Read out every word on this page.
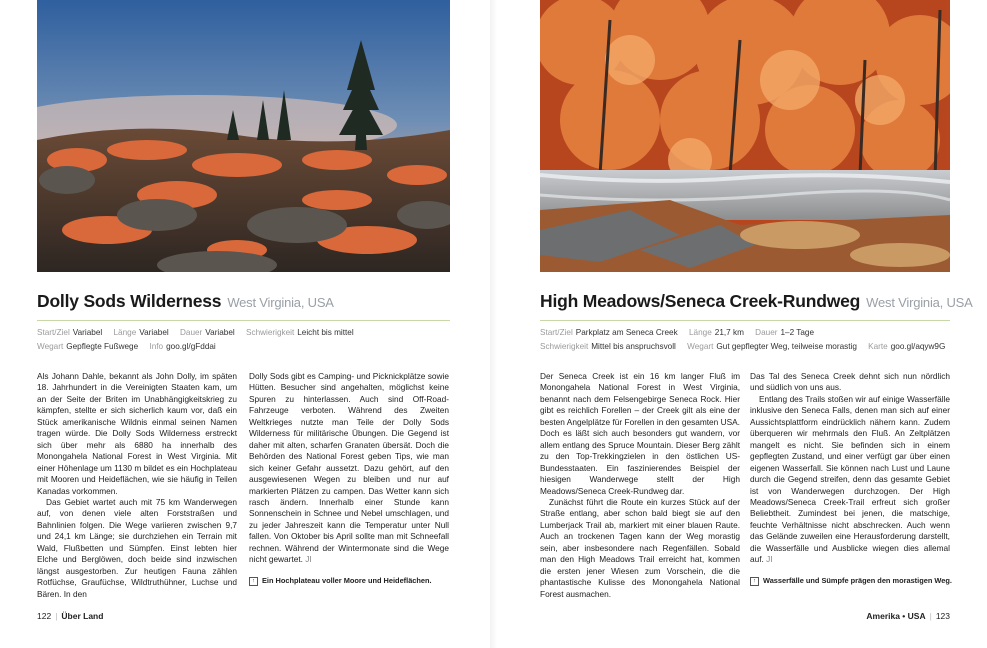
Dolly Sods Wilderness West Virginia, USA
Start/Ziel Variabel Länge Variabel Dauer Variabel Schwierigkeit Leicht bis mittel
Wegart Gepflegte Fußwege Info goo.gl/gFddai

Als Johann Dahle, bekannt als John Dolly, im späten 18. Jahrhundert in die Vereinigten Staaten kam, um an der Seite der Briten im Unabhängigkeitskrieg zu kämpfen, stellte er sich sicherlich kaum vor, daß ein Stück amerikanische Wildnis einmal seinen Namen tragen würde. Die Dolly Sods Wilderness erstreckt sich über mehr als 6880 ha innerhalb des Monongahela National Forest in West Virginia. Mit einer Höhenlage um 1130 m bildet es ein Hochplateau mit Mooren und Heideflächen, wie sie häufig in Teilen Kanadas vorkommen.

Das Gebiet wartet auch mit 75 km Wanderwegen auf, von denen viele alten Forststraßen und Bahnlinien folgen. Die Wege variieren zwischen 9,7 und 24,1 km Länge; sie durchziehen ein Terrain mit Wald, Flußbetten und Sümpfen. Einst lebten hier Elche und Berglöwen, doch beide sind inzwischen längst ausgestorben. Zur heutigen Fauna zählen Rotfüchse, Graufüchse, Wildtruthühner, Luchse und Bären. In den

Dolly Sods gibt es Camping- und Picknickplätze sowie Hütten. Besucher sind angehalten, möglichst keine Spuren zu hinterlassen. Auch sind Off-Road-Fahrzeuge verboten. Während des Zweiten Weltkrieges nutzte man Teile der Dolly Sods Wilderness für militärische Übungen. Die Gegend ist daher mit alten, scharfen Granaten übersät. Doch die Behörden des National Forest geben Tips, wie man sich keiner Gefahr aussetzt. Dazu gehört, auf den ausgewiesenen Wegen zu bleiben und nur auf markierten Plätzen zu campen. Das Wetter kann sich rasch ändern. Innerhalb einer Stunde kann Sonnenschein in Schnee und Nebel umschlagen, und zu jeder Jahreszeit kann die Temperatur unter Null fallen. Von Oktober bis April sollte man mit Schneefall rechnen. Während der Wintermonate sind die Wege nicht gewartet. JI

↑ Ein Hochplateau voller Moore und Heideflächen.
122 | Über Land
High Meadows/Seneca Creek-Rundweg West Virginia, USA
Start/Ziel Parkplatz am Seneca Creek Länge 21,7 km Dauer 1–2 Tage
Schwierigkeit Mittel bis anspruchsvoll Wegart Gut gepflegter Weg, teilweise morastig Karte goo.gl/aqyw9G

Der Seneca Creek ist ein 16 km langer Fluß im Monongahela National Forest in West Virginia, benannt nach dem Felsengebirge Seneca Rock. Hier gibt es reichlich Forellen – der Creek gilt als eine der besten Angelplätze für Forellen in den gesamten USA. Doch es läßt sich auch besonders gut wandern, vor allem entlang des Spruce Mountain. Dieser Berg zählt zu den Top-Trekkingzielen in den östlichen US-Bundesstaaten. Ein faszinierendes Beispiel der hiesigen Wanderwege stellt der High Meadows/Seneca Creek-Rundweg dar.

Zunächst führt die Route ein kurzes Stück auf der Straße entlang, aber schon bald biegt sie auf den Lumberjack Trail ab, markiert mit einer blauen Raute. Auch an trockenen Tagen kann der Weg morastig sein, aber insbesondere nach Regenfällen. Sobald man den High Meadows Trail erreicht hat, kommen die ersten jener Wiesen zum Vorschein, die die phantastische Kulisse des Monongahela National Forest ausmachen.

Das Tal des Seneca Creek dehnt sich nun nördlich und südlich von uns aus.

Entlang des Trails stoßen wir auf einige Wasserfälle inklusive den Seneca Falls, denen man sich auf einer Aussichtsplattform eindrücklich nähern kann. Zudem überqueren wir mehrmals den Fluß. An Zeltplätzen mangelt es nicht. Sie befinden sich in einem gepflegten Zustand, und einer verfügt gar über einen eigenen Wasserfall. Sie können nach Lust und Laune durch die Gegend streifen, denn das gesamte Gebiet ist von Wanderwegen durchzogen. Der High Meadows/Seneca Creek-Trail erfreut sich großer Beliebtheit. Zumindest bei jenen, die matschige, feuchte Verhältnisse nicht abschrecken. Auch wenn das Gelände zuweilen eine Herausforderung darstellt, die Wasserfälle und Ausblicke wiegen dies allemal auf. JI

↑ Wasserfälle und Sümpfe prägen den morastigen Weg.
Amerika • USA | 123
